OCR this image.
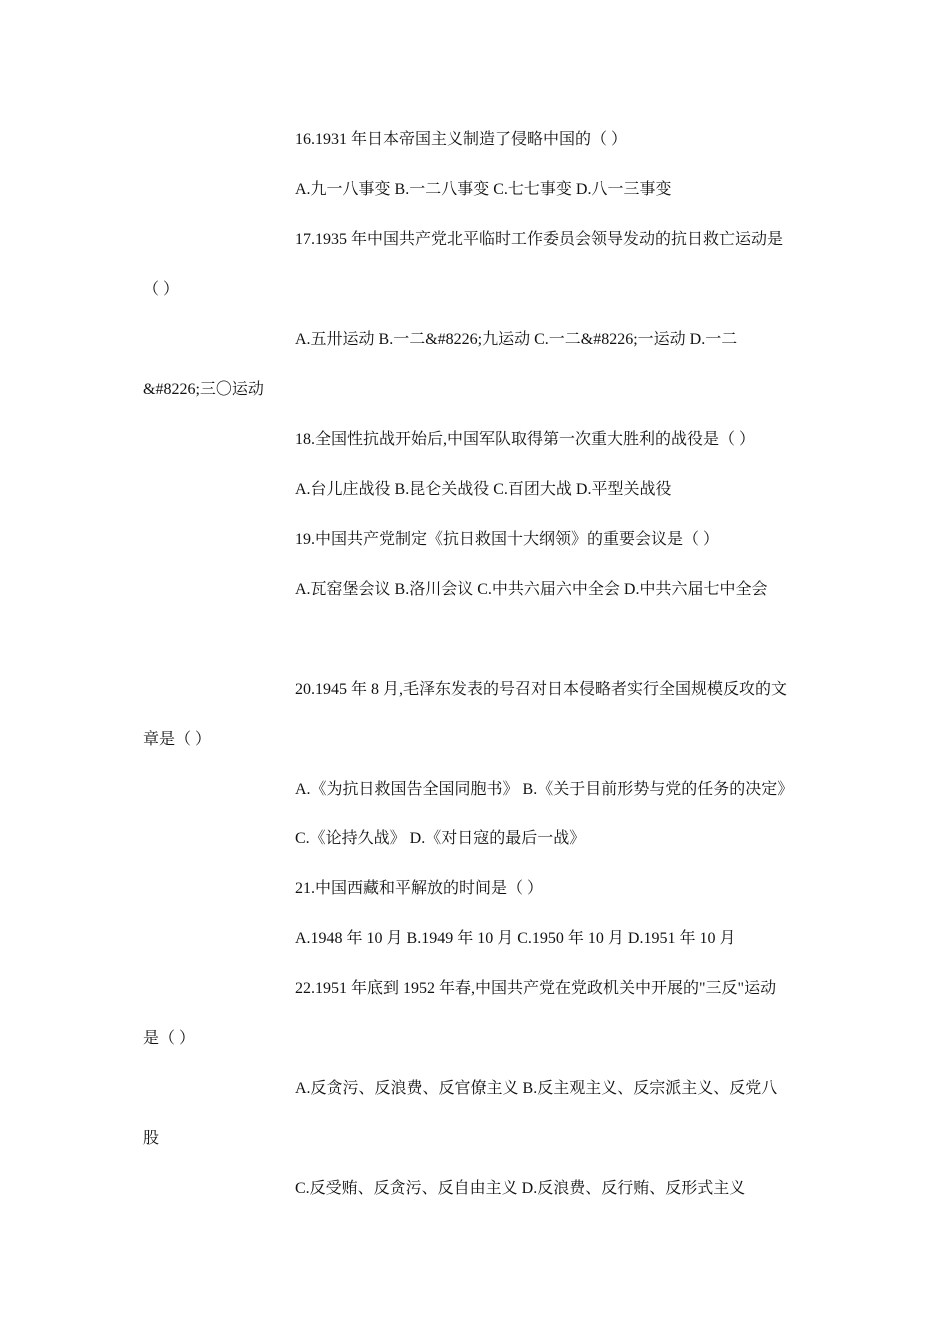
16.1931 年日本帝国主义制造了侵略中国的（ ）
A.九一八事变 B.一二八事变 C.七七事变 D.八一三事变
17.1935 年中国共产党北平临时工作委员会领导发动的抗日救亡运动是
（ ）
A.五卅运动 B.一二&#8226;九运动 C.一二&#8226;一运动 D.一二
&#8226;三〇运动
18.全国性抗战开始后,中国军队取得第一次重大胜利的战役是（ ）
A.台儿庄战役 B.昆仑关战役 C.百团大战 D.平型关战役
19.中国共产党制定《抗日救国十大纲领》的重要会议是（ ）
A.瓦窑堡会议 B.洛川会议 C.中共六届六中全会 D.中共六届七中全会
20.1945 年 8 月,毛泽东发表的号召对日本侵略者实行全国规模反攻的文
章是（ ）
A.《为抗日救国告全国同胞书》 B.《关于目前形势与党的任务的决定》
C.《论持久战》 D.《对日寇的最后一战》
21.中国西藏和平解放的时间是（ ）
A.1948 年 10 月 B.1949 年 10 月 C.1950 年 10 月 D.1951 年 10 月
22.1951 年底到 1952 年春,中国共产党在党政机关中开展的"三反"运动
是（ ）
A.反贪污、反浪费、反官僚主义 B.反主观主义、反宗派主义、反党八
股
C.反受贿、反贪污、反自由主义 D.反浪费、反行贿、反形式主义
